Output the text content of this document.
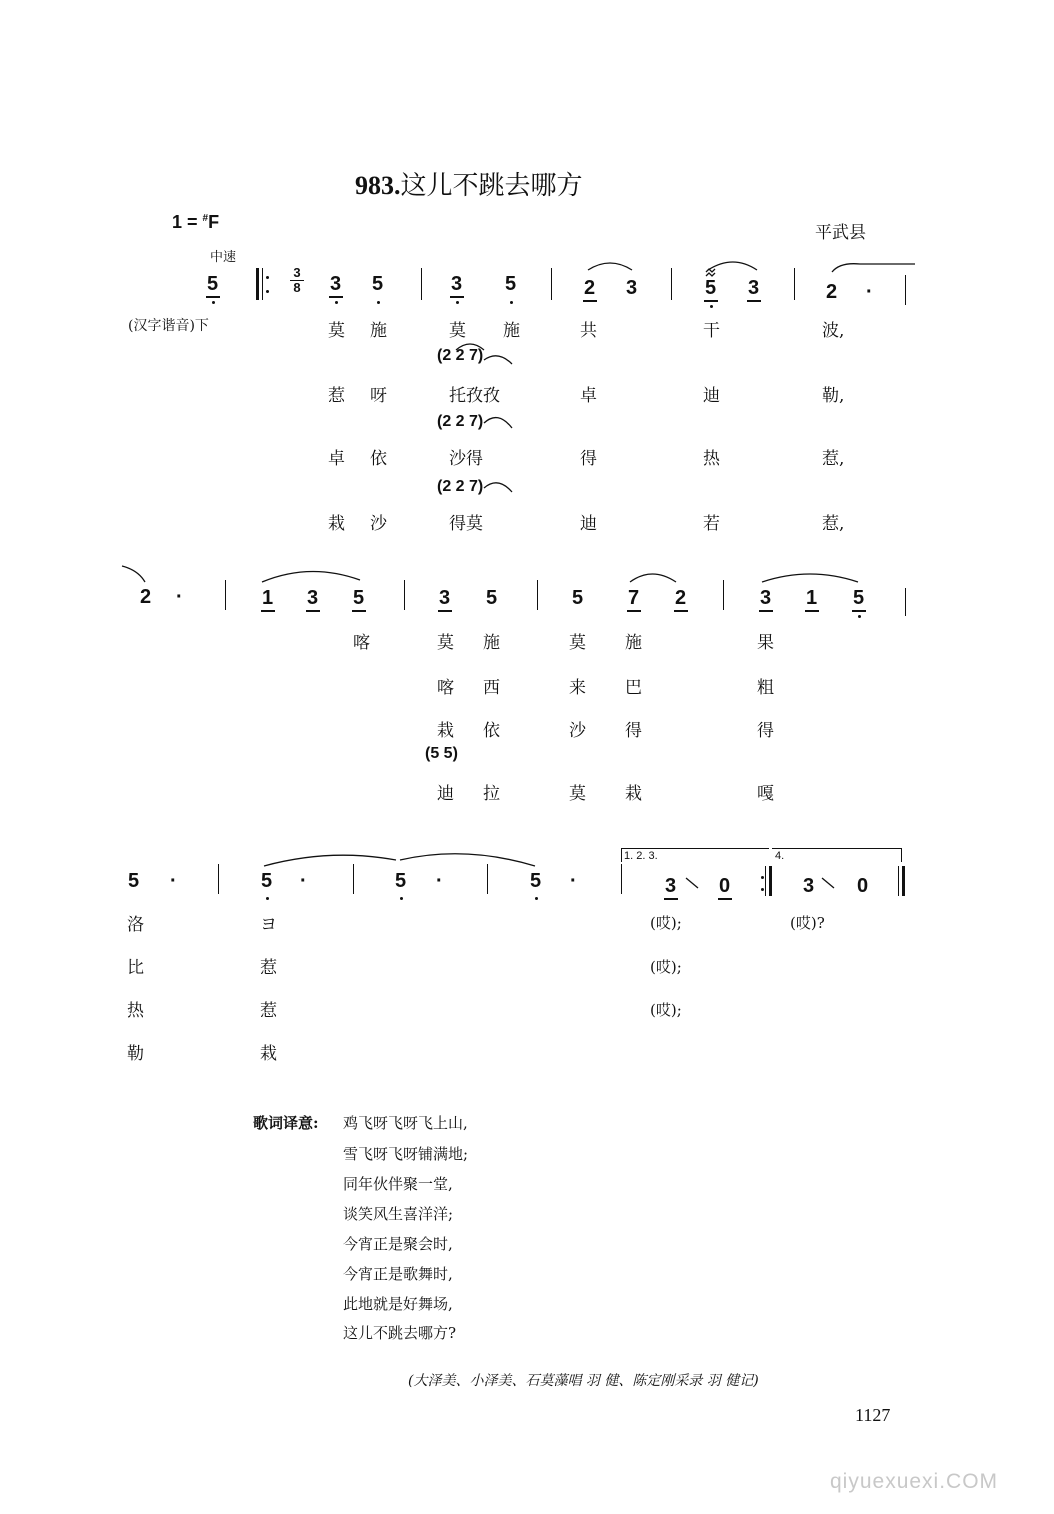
983.这儿不跳去哪方
1 = #F
平武县
中速
5	$\frac{3}{8} 3$ 5	3 5	2 3	5 3	2 ·
(汉字谐音)下	莫 施	莫 施	共	干	波,
(2 2 7)
惹 呀	托孜孜	卓	迪	勒,
(2 2 7)
卓 依	沙得	得	热	惹,
(2 2 7)
栽 沙	得莫	迪	若	惹,
2 ·	1 3 5	3 5	5 7 2	3 1 5
喀	莫 施	莫 施	果
喀 西	来 巴	粗
栽 依	沙 得	得
(5 5)
迪 拉	莫 栽	嘎
5 ·	5 ·	5 ·	5 ·
1. 2. 3.
3 0
4.
3 0
洛	ヨ	(哎);	(哎)?
比	惹	(哎);
热	惹	(哎);
勒	栽
歌词译意: 鸡飞呀飞呀飞上山,
雪飞呀飞呀铺满地;
同年伙伴聚一堂,
谈笑风生喜洋洋;
今宵正是聚会时,
今宵正是歌舞时,
此地就是好舞场,
这儿不跳去哪方?
(大泽美、小泽美、石莫藻唱 羽 健、陈定刚采录 羽 健记)
1127
qiyuexuexi.COM
